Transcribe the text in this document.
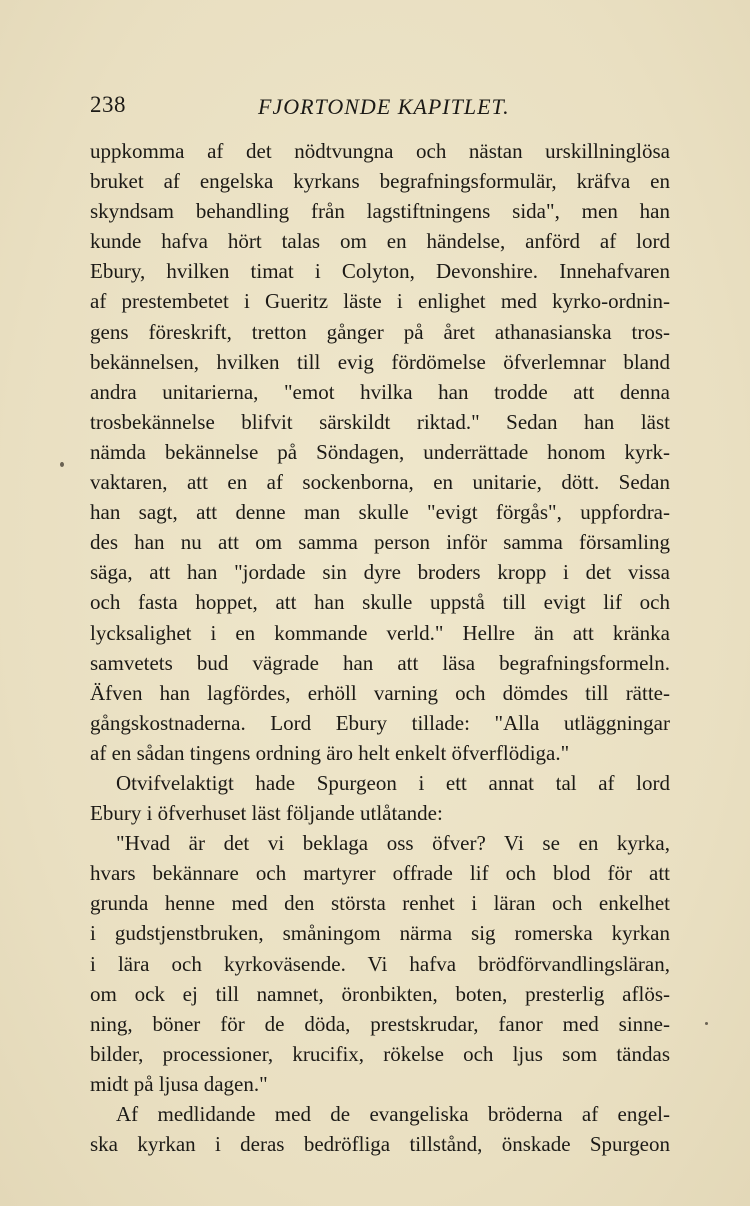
238	FJORTONDE KAPITLET.
uppkomma af det nödtvungna och nästan urskillninglösa
bruket af engelska kyrkans begrafningsformulär, kräfva en
skyndsam behandling från lagstiftningens sida", men han
kunde hafva hört talas om en händelse, anförd af lord
Ebury, hvilken timat i Colyton, Devonshire. Innehafvaren
af prestembetet i Gueritz läste i enlighet med kyrko-ordnin-
gens föreskrift, tretton gånger på året athanasianska tros-
bekännelsen, hvilken till evig fördömelse öfverlemnar bland
andra unitarierna, "emot hvilka han trodde att denna
trosbekännelse blifvit särskildt riktad." Sedan han läst
nämda bekännelse på Söndagen, underrättade honom kyrk-
vaktaren, att en af sockenborna, en unitarie, dött. Sedan
han sagt, att denne man skulle "evigt förgås", uppfordra-
des han nu att om samma person inför samma församling
säga, att han "jordade sin dyre broders kropp i det vissa
och fasta hoppet, att han skulle uppstå till evigt lif och
lycksalighet i en kommande verld." Hellre än att kränka
samvetets bud vägrade han att läsa begrafningsformeln.
Äfven han lagfördes, erhöll varning och dömdes till rätte-
gångskostnaderna. Lord Ebury tillade: "Alla utläggningar
af en sådan tingens ordning äro helt enkelt öfverflödiga."
Otvifvelaktigt hade Spurgeon i ett annat tal af lord
Ebury i öfverhuset läst följande utlåtande:
"Hvad är det vi beklaga oss öfver? Vi se en kyrka,
hvars bekännare och martyrer offrade lif och blod för att
grunda henne med den största renhet i läran och enkelhet
i gudstjenstbruken, småningom närma sig romerska kyrkan
i lära och kyrkoväsende. Vi hafva brödförvandlingsläran,
om ock ej till namnet, öronbikten, boten, presterlig aflös-
ning, böner för de döda, prestskrudar, fanor med sinne-
bilder, processioner, krucifix, rökelse och ljus som tändas
midt på ljusa dagen."
Af medlidande med de evangeliska bröderna af engel-
ska kyrkan i deras bedröfliga tillstånd, önskade Spurgeon
